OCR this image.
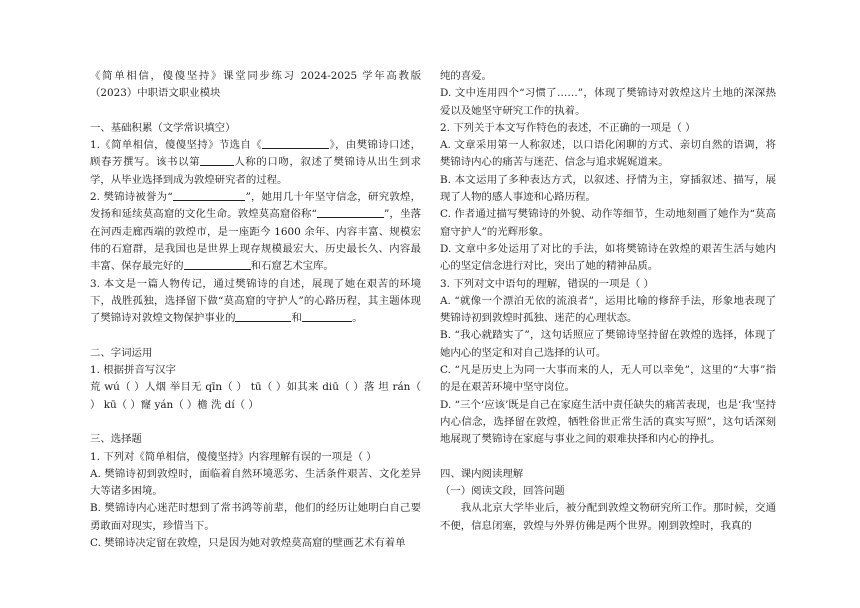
《简单相信，傻傻坚持》课堂同步练习 2024-2025 学年高教版（2023）中职语文职业模块

一、基础积累（文学常识填空）

1.《简单相信，傻傻坚持》节选自《	》，由樊锦诗口述，顾春芳撰写。该书以第	人称的口吻，叙述了樊锦诗从出生到求学，从毕业选择到成为敦煌研究者的过程。

2. 樊锦诗被誉为“	”，她用几十年坚守信念，研究敦煌，发扬和延续莫高窟的文化生命。敦煌莫高窟俗称“	”，坐落在河西走廊西端的敦煌市，是一座距今 1600 余年、内容丰富、规模宏伟的石窟群，是我国也是世界上现存规模最宏大、历史最长久、内容最丰富、保存最完好的	和石窟艺术宝库。

3. 本文是一篇人物传记，通过樊锦诗的自述，展现了她在艰苦的环境下，战胜孤独，选择留下做“莫高窟的守护人”的心路历程，其主题体现了樊锦诗对敦煌文物保护事业的	和	。

二、字词运用

1. 根据拼音写汉字

荒 wú（ ）人烟 举目无 qīn（ ） tū（ ）如其来 diū（ ）落 坦 rán（ ） kū（ ）窿 yán（ ）檐 洗 dí（ ）

三、选择题

1. 下列对《简单相信，傻傻坚持》内容理解有误的一项是（ ）

A. 樊锦诗初到敦煌时，面临着自然环境恶劣、生活条件艰苦、文化差异大等诸多困境。

B. 樊锦诗内心迷茫时想到了常书鸿等前辈，他们的经历让她明白自己要勇敢面对现实，珍惜当下。

C. 樊锦诗决定留在敦煌，只是因为她对敦煌莫高窟的壁画艺术有着单

纯的喜爱。

D. 文中连用四个“习惯了……”，体现了樊锦诗对敦煌这片土地的深深热爱以及她坚守研究工作的执着。

2. 下列关于本文写作特色的表述，不正确的一项是（ ）

A. 文章采用第一人称叙述，以口语化闲聊的方式、亲切自然的语调，将樊锦诗内心的痛苦与迷茫、信念与追求娓娓道来。

B. 本文运用了多种表达方式，以叙述、抒情为主，穿插叙述、描写，展现了人物的感人事迹和心路历程。

C. 作者通过描写樊锦诗的外貌、动作等细节，生动地刻画了她作为“莫高窟守护人”的光辉形象。

D. 文章中多处运用了对比的手法，如将樊锦诗在敦煌的艰苦生活与她内心的坚定信念进行对比，突出了她的精神品质。

3. 下列对文中语句的理解，错误的一项是（ ）

A. “就像一个漂泊无依的流浪者”，运用比喻的修辞手法，形象地表现了樊锦诗初到敦煌时孤独、迷茫的心理状态。

B. “我心就踏实了”，这句话照应了樊锦诗坚持留在敦煌的选择，体现了她内心的坚定和对自己选择的认可。

C. “凡是历史上为同一大事而来的人，无人可以幸免”，这里的“大事”指的是在艰苦环境中坚守岗位。

D. “三个‘应该’既是自己在家庭生活中责任缺失的痛苦表现，也是‘我’坚持内心信念，选择留在敦煌，牺牲俗世正常生活的真实写照”，这句话深刻地展现了樊锦诗在家庭与事业之间的艰难抉择和内心的挣扎。

四、课内阅读理解

（一）阅读文段，回答问题

我从北京大学毕业后，被分配到敦煌文物研究所工作。那时候，交通不便，信息闭塞，敦煌与外界仿佛是两个世界。刚到敦煌时，我真的
